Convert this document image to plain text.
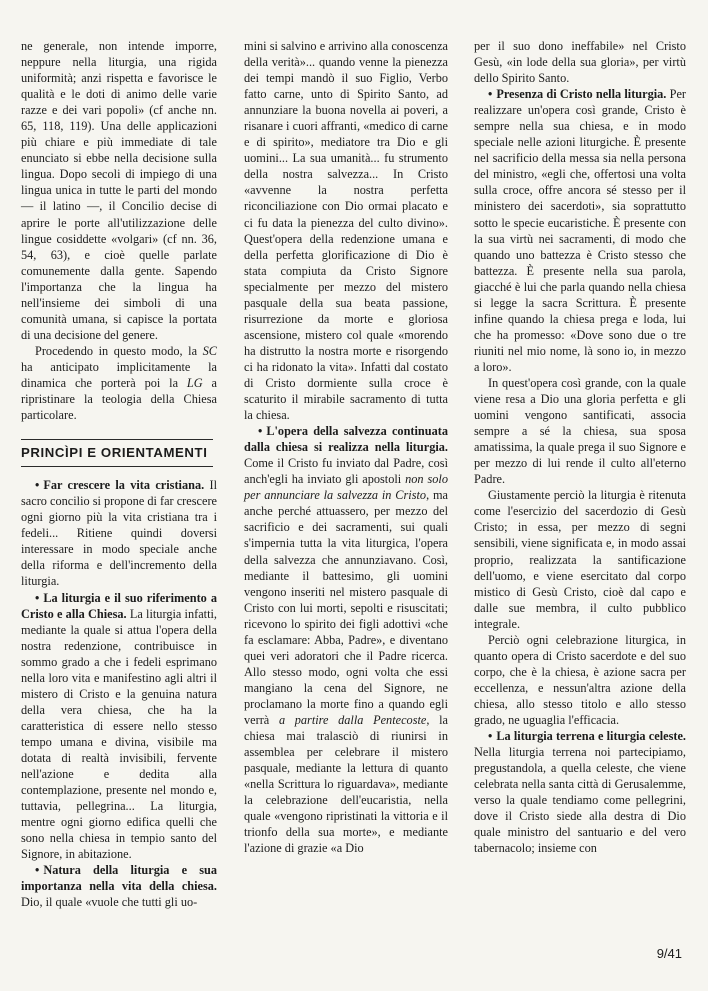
ne generale, non intende imporre, neppure nella liturgia, una rigida uniformità; anzi rispetta e favorisce le qualità e le doti di animo delle varie razze e dei vari popoli» (cf anche nn. 65, 118, 119). Una delle applicazioni più chiare e più immediate di tale enunciato si ebbe nella decisione sulla lingua. Dopo secoli di impiego di una lingua unica in tutte le parti del mondo — il latino —, il Concilio decise di aprire le porte all'utilizzazione delle lingue cosiddette «volgari» (cf nn. 36, 54, 63), e cioè quelle parlate comunemente dalla gente. Sapendo l'importanza che la lingua ha nell'insieme dei simboli di una comunità umana, si capisce la portata di una decisione del genere.

Procedendo in questo modo, la SC ha anticipato implicitamente la dinamica che porterà poi la LG a ripristinare la teologia della Chiesa particolare.

PRINCÌPI E ORIENTAMENTI

• Far crescere la vita cristiana. Il sacro concilio si propone di far crescere ogni giorno più la vita cristiana tra i fedeli... Ritiene quindi doversi interessare in modo speciale anche della riforma e dell'incremento della liturgia.

• La liturgia e il suo riferimento a Cristo e alla Chiesa. La liturgia infatti, mediante la quale si attua l'opera della nostra redenzione, contribuisce in sommo grado a che i fedeli esprimano nella loro vita e manifestino agli altri il mistero di Cristo e la genuina natura della vera chiesa, che ha la caratteristica di essere nello stesso tempo umana e divina, visibile ma dotata di realtà invisibili, fervente nell'azione e dedita alla contemplazione, presente nel mondo e, tuttavia, pellegrina... La liturgia, mentre ogni giorno edifica quelli che sono nella chiesa in tempio santo del Signore, in abitazione.

• Natura della liturgia e sua importanza nella vita della chiesa. Dio, il quale «vuole che tutti gli uo-

mini si salvino e arrivino alla conoscenza della verità»... quando venne la pienezza dei tempi mandò il suo Figlio, Verbo fatto carne, unto di Spirito Santo, ad annunziare la buona novella ai poveri, a risanare i cuori affranti, «medico di carne e di spirito», mediatore tra Dio e gli uomini... La sua umanità... fu strumento della nostra salvezza... In Cristo «avvenne la nostra perfetta riconciliazione con Dio ormai placato e ci fu data la pienezza del culto divino». Quest'opera della redenzione umana e della perfetta glorificazione di Dio è stata compiuta da Cristo Signore specialmente per mezzo del mistero pasquale della sua beata passione, risurrezione da morte e gloriosa ascensione, mistero col quale «morendo ha distrutto la nostra morte e risorgendo ci ha ridonato la vita». Infatti dal costato di Cristo dormiente sulla croce è scaturito il mirabile sacramento di tutta la chiesa.

• L'opera della salvezza continuata dalla chiesa si realizza nella liturgia. Come il Cristo fu inviato dal Padre, così anch'egli ha inviato gli apostoli non solo per annunciare la salvezza in Cristo, ma anche perché attuassero, per mezzo del sacrificio e dei sacramenti, sui quali s'impernia tutta la vita liturgica, l'opera della salvezza che annunziavano. Così, mediante il battesimo, gli uomini vengono inseriti nel mistero pasquale di Cristo con lui morti, sepolti e risuscitati; ricevono lo spirito dei figli adottivi «che fa esclamare: Abba, Padre», e diventano quei veri adoratori che il Padre ricerca. Allo stesso modo, ogni volta che essi mangiano la cena del Signore, ne proclamano la morte fino a quando egli verrà a partire dalla Pentecoste, la chiesa mai tralasciò di riunirsi in assemblea per celebrare il mistero pasquale, mediante la lettura di quanto «nella Scrittura lo riguardava», mediante la celebrazione dell'eucaristia, nella quale «vengono ripristinati la vittoria e il trionfo della sua morte», e mediante l'azione di grazie «a Dio

per il suo dono ineffabile» nel Cristo Gesù, «in lode della sua gloria», per virtù dello Spirito Santo.

• Presenza di Cristo nella liturgia. Per realizzare un'opera così grande, Cristo è sempre nella sua chiesa, e in modo speciale nelle azioni liturgiche. È presente nel sacrificio della messa sia nella persona del ministro, «egli che, offertosi una volta sulla croce, offre ancora sé stesso per il ministero dei sacerdoti», sia soprattutto sotto le specie eucaristiche. È presente con la sua virtù nei sacramenti, di modo che quando uno battezza è Cristo stesso che battezza. È presente nella sua parola, giacché è lui che parla quando nella chiesa si legge la sacra Scrittura. È presente infine quando la chiesa prega e loda, lui che ha promesso: «Dove sono due o tre riuniti nel mio nome, là sono io, in mezzo a loro».

In quest'opera così grande, con la quale viene resa a Dio una gloria perfetta e gli uomini vengono santificati, associa sempre a sé la chiesa, sua sposa amatissima, la quale prega il suo Signore e per mezzo di lui rende il culto all'eterno Padre.

Giustamente perciò la liturgia è ritenuta come l'esercizio del sacerdozio di Gesù Cristo; in essa, per mezzo di segni sensibili, viene significata e, in modo assai proprio, realizzata la santificazione dell'uomo, e viene esercitato dal corpo mistico di Gesù Cristo, cioè dal capo e dalle sue membra, il culto pubblico integrale.

Perciò ogni celebrazione liturgica, in quanto opera di Cristo sacerdote e del suo corpo, che è la chiesa, è azione sacra per eccellenza, e nessun'altra azione della chiesa, allo stesso titolo e allo stesso grado, ne uguaglia l'efficacia.

• La liturgia terrena e liturgia celeste. Nella liturgia terrena noi partecipiamo, pregustandola, a quella celeste, che viene celebrata nella santa città di Gerusalemme, verso la quale tendiamo come pellegrini, dove il Cristo siede alla destra di Dio quale ministro del santuario e del vero tabernacolo; insieme con

9/41
